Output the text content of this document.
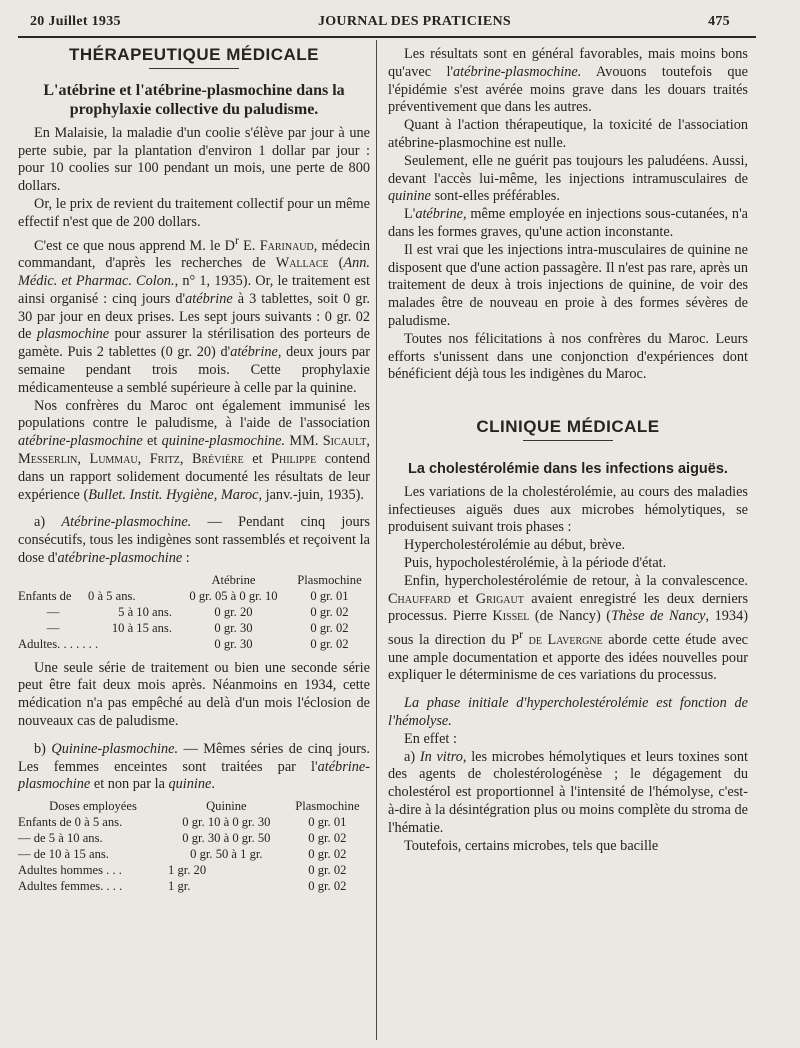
20 Juillet 1935	JOURNAL DES PRATICIENS	475
THÉRAPEUTIQUE MÉDICALE
L'atébrine et l'atébrine-plasmochine dans la prophylaxie collective du paludisme.

En Malaisie, la maladie d'un coolie s'élève par jour à une perte subie, par la plantation d'environ 1 dollar par jour : pour 10 coolies sur 100 pendant un mois, une perte de 800 dollars.

Or, le prix de revient du traitement collectif pour un même effectif n'est que de 200 dollars.

C'est ce que nous apprend M. le $D^r$ E. Farinaud, médecin commandant, d'après les recherches de Wallace (Ann. Médic. et Pharmac. Colon., n° 1, 1935). Or, le traitement est ainsi organisé : cinq jours d'atébrine à 3 tablettes, soit 0 gr. 30 par jour en deux prises. Les sept jours suivants : 0 gr. 02 de plasmochine pour assurer la stérilisation des porteurs de gamète. Puis 2 tablettes (0 gr. 20) d'atébrine, deux jours par semaine pendant trois mois. Cette prophylaxie médicamenteuse a semblé supérieure à celle par la quinine.

Nos confrères du Maroc ont également immunisé les populations contre le paludisme, à l'aide de l'association atébrine-plasmochine et quinine-plasmochine. MM. Sicault, Messerlin, Lummau, Fritz, Brévière et Philippe contend dans un rapport solidement documenté les résultats de leur expérience (Bullet. Instit. Hygiène, Maroc, janv.-juin, 1935).

a) Atébrine-plasmochine. — Pendant cinq jours consécutifs, tous les indigènes sont rassemblés et reçoivent la dose d'atébrine-plasmochine :

		Atébrine	Plasmochine
Enfants de	0 à 5 ans.	0 gr. 05 à 0 gr. 10	0 gr. 01
—	5 à 10 ans.	0 gr. 20	0 gr. 02
—	10 à 15 ans.	0 gr. 30	0 gr. 02
Adultes. . . . . . .		0 gr. 30	0 gr. 02

Une seule série de traitement ou bien une seconde série peut être fait deux mois après. Néanmoins en 1934, cette médication n'a pas empêché au delà d'un mois l'éclosion de nouveaux cas de paludisme.

b) Quinine-plasmochine. — Mêmes séries de cinq jours. Les femmes enceintes sont traitées par l'atébrine-plasmochine et non par la quinine.

Doses employées	Quinine	Plasmochine
Enfants de 0 à 5 ans.	0 gr. 10 à 0 gr. 30	0 gr. 01
— de 5 à 10 ans.	0 gr. 30 à 0 gr. 50	0 gr. 02
— de 10 à 15 ans.	0 gr. 50 à 1 gr.	0 gr. 02
Adultes hommes . . .	1 gr. 20	0 gr. 02
Adultes femmes. . . .	1 gr.	0 gr. 02

Les résultats sont en général favorables, mais moins bons qu'avec l'atébrine-plasmochine. Avouons toutefois que l'épidémie s'est avérée moins grave dans les douars traités préventivement que dans les autres.

Quant à l'action thérapeutique, la toxicité de l'association atébrine-plasmochine est nulle.

Seulement, elle ne guérit pas toujours les paludéens. Aussi, devant l'accès lui-même, les injections intramusculaires de quinine sont-elles préférables.

L'atébrine, même employée en injections sous-cutanées, n'a dans les formes graves, qu'une action inconstante.

Il est vrai que les injections intra-musculaires de quinine ne disposent que d'une action passagère. Il n'est pas rare, après un traitement de deux à trois injections de quinine, de voir des malades être de nouveau en proie à des formes sévères de paludisme.

Toutes nos félicitations à nos confrères du Maroc. Leurs efforts s'unissent dans une conjonction d'expériences dont bénéficient déjà tous les indigènes du Maroc.

CLINIQUE MÉDICALE
La cholestérolémie dans les infections aiguës.

Les variations de la cholestérolémie, au cours des maladies infectieuses aiguës dues aux microbes hémolytiques, se produisent suivant trois phases :

Hypercholestérolémie au début, brève.

Puis, hypocholestérolémie, à la période d'état.

Enfin, hypercholestérolémie de retour, à la convalescence. Chauffard et Grigaut avaient enregistré les deux derniers processus. Pierre Kissel (de Nancy) (Thèse de Nancy, 1934) sous la direction du $P^r$ de Lavergne aborde cette étude avec une ample documentation et apporte des idées nouvelles pour expliquer le déterminisme de ces variations du processus.

La phase initiale d'hypercholestérolémie est fonction de l'hémolyse.

En effet :

a) In vitro, les microbes hémolytiques et leurs toxines sont des agents de cholestérologénèse ; le dégagement du cholestérol est proportionnel à l'intensité de l'hémolyse, c'est-à-dire à la désintégration plus ou moins complète du stroma de l'hématie.

Toutefois, certains microbes, tels que bacille
